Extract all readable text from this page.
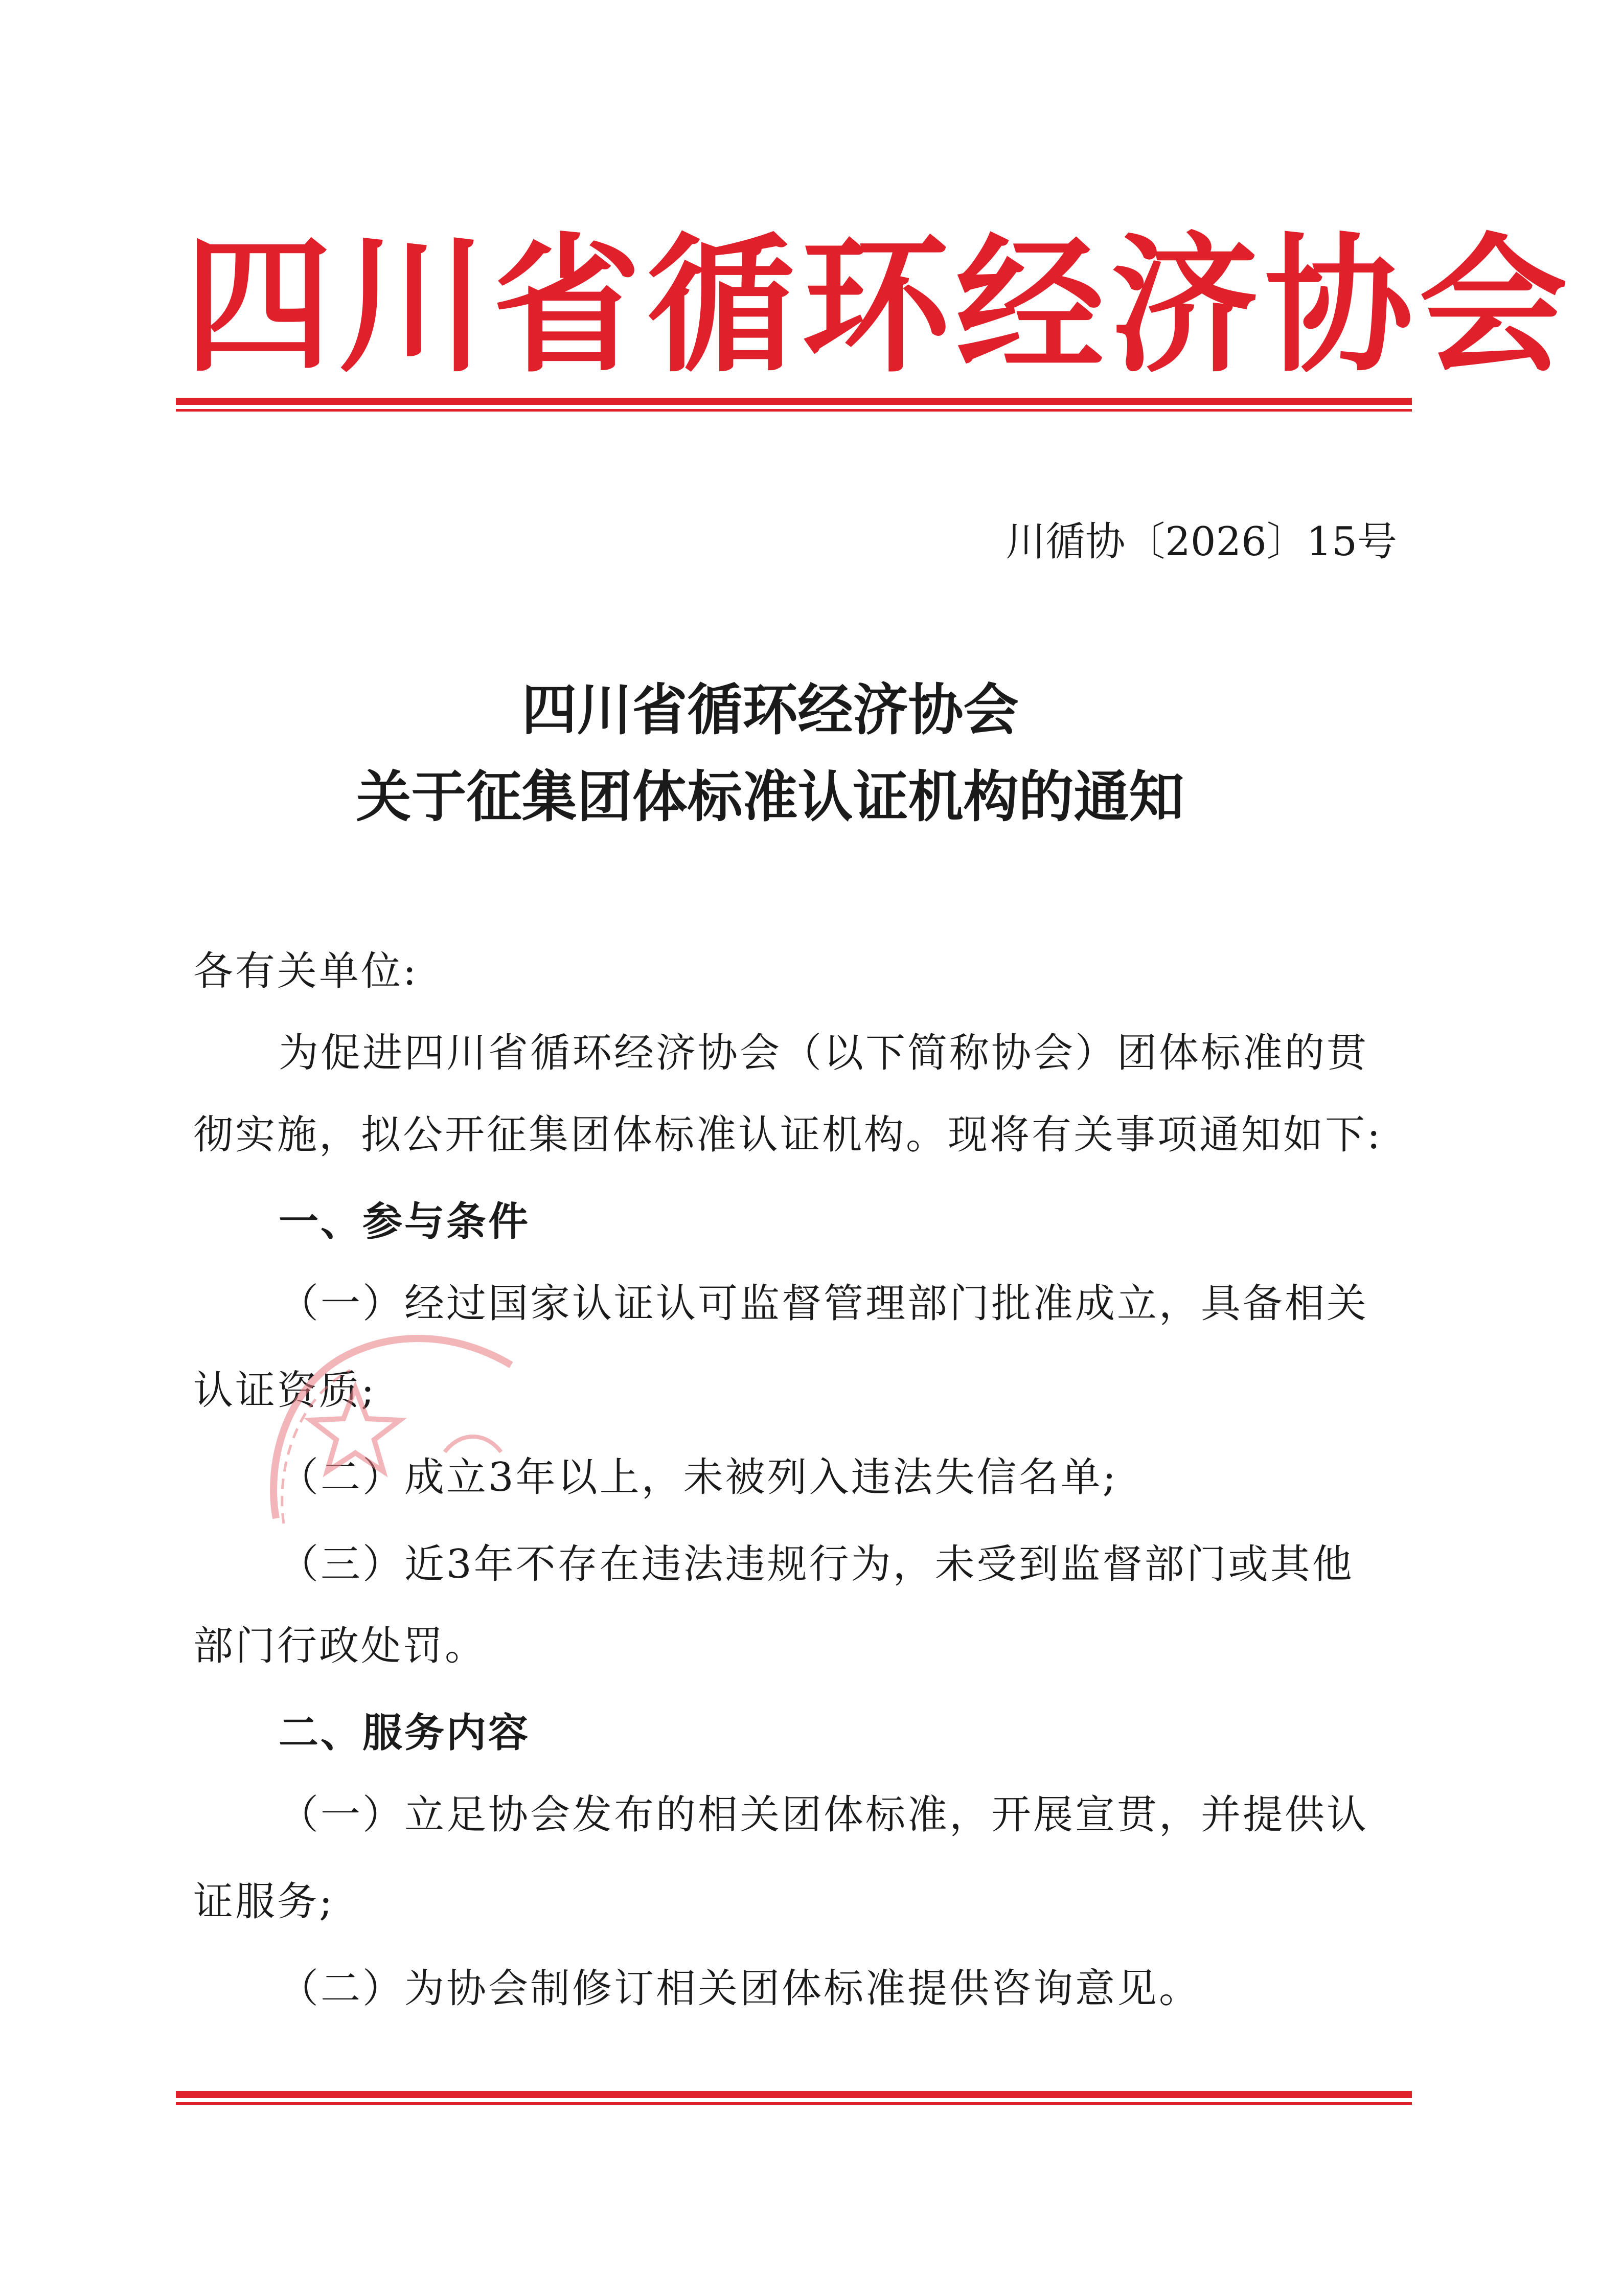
四川省循环经济协会
川循协〔2026〕15号
四川省循环经济协会
关于征集团体标准认证机构的通知
各有关单位:
为促进四川省循环经济协会（以下简称协会）团体标准的贯
彻实施，拟公开征集团体标准认证机构。现将有关事项通知如下:
一、参与条件
（一）经过国家认证认可监督管理部门批准成立，具备相关
认证资质;
（二）成立3年以上，未被列入违法失信名单;
（三）近3年不存在违法违规行为，未受到监督部门或其他
部门行政处罚。
二、服务内容
（一）立足协会发布的相关团体标准，开展宣贯，并提供认
证服务;
（二）为协会制修订相关团体标准提供咨询意见。
